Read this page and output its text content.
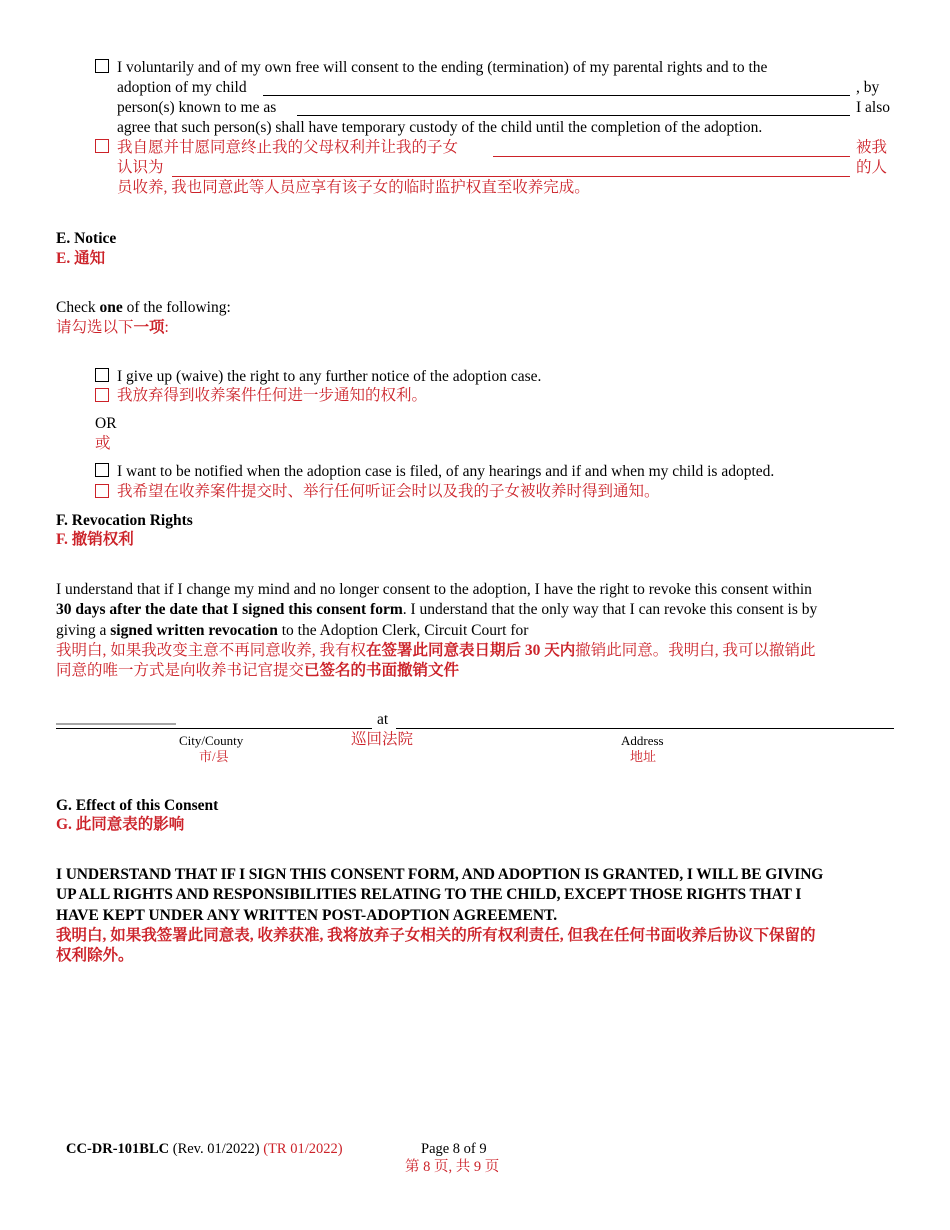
I voluntarily and of my own free will consent to the ending (termination) of my parental rights and to the
adoption of my child	, by
person(s) known to me as	I also
agree that such person(s) shall have temporary custody of the child until the completion of the adoption.
我自愿并甘愿同意终止我的父母权利并让我的子女	被我
认识为	的人
员收养, 我也同意此等人员应享有该子女的临时监护权直至收养完成。
E. Notice
E. 通知
Check one of the following:
请勾选以下一项:
I give up (waive) the right to any further notice of the adoption case.
我放弃得到收养案件任何进一步通知的权利。
OR
或
I want to be notified when the adoption case is filed, of any hearings and if and when my child is adopted.
我希望在收养案件提交时、举行任何听证会时以及我的子女被收养时得到通知。
F. Revocation Rights
F. 撤销权利
I understand that if I change my mind and no longer consent to the adoption, I have the right to revoke this consent within
30 days after the date that I signed this consent form. I understand that the only way that I can revoke this consent is by
giving a signed written revocation to the Adoption Clerk, Circuit Court for
我明白, 如果我改变主意不再同意收养, 我有权在签署此同意表日期后 30 天内撤销此同意。我明白, 我可以撤销此
同意的唯一方式是向收养书记官提交已签名的书面撤销文件
at
City/County
市/县
巡回法院	Address
地址
G. Effect of this Consent
G. 此同意表的影响
I UNDERSTAND THAT IF I SIGN THIS CONSENT FORM, AND ADOPTION IS GRANTED, I WILL BE GIVING
UP ALL RIGHTS AND RESPONSIBILITIES RELATING TO THE CHILD, EXCEPT THOSE RIGHTS THAT I
HAVE KEPT UNDER ANY WRITTEN POST-ADOPTION AGREEMENT.
我明白, 如果我签署此同意表, 收养获准, 我将放弃子女相关的所有权利责任, 但我在任何书面收养后协议下保留的
权利除外。
CC-DR-101BLC (Rev. 01/2022) (TR 01/2022)	Page 8 of 9
第 8 页, 共 9 页
